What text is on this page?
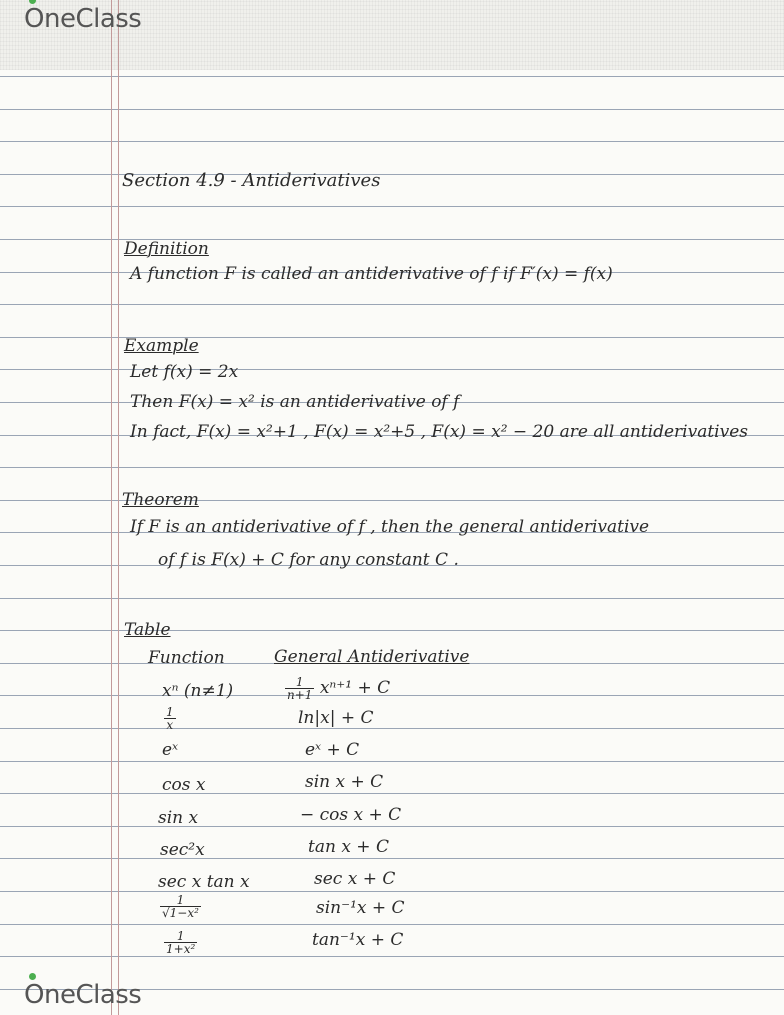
OneClass
Section 4.9 - Antiderivatives
Definition
A function F is called an antiderivative of f if F′(x) = f(x)
Example
Let f(x) = 2x
Then F(x) = x² is an antiderivative of f
In fact, F(x) = x²+1 , F(x) = x²+5 , F(x) = x² − 20 are all antiderivatives
Theorem
If F is an antiderivative of f , then the general antiderivative
of f is F(x) + C for any constant C .
Table
Function	General Antiderivative
xⁿ (n≠1)	$\frac{1}{n+1} x^{n+1} + C$
$\frac{1}{x}$	ln|x| + C
eˣ	eˣ + C
cos x	sin x + C
sin x	− cos x + C
sec²x	tan x + C
sec x tan x	sec x + C
$\frac{1}{\text{√1−x²}}$	sin⁻¹x + C
$\frac{1}{\text{1+x²}}$	tan⁻¹x + C
OneClass
